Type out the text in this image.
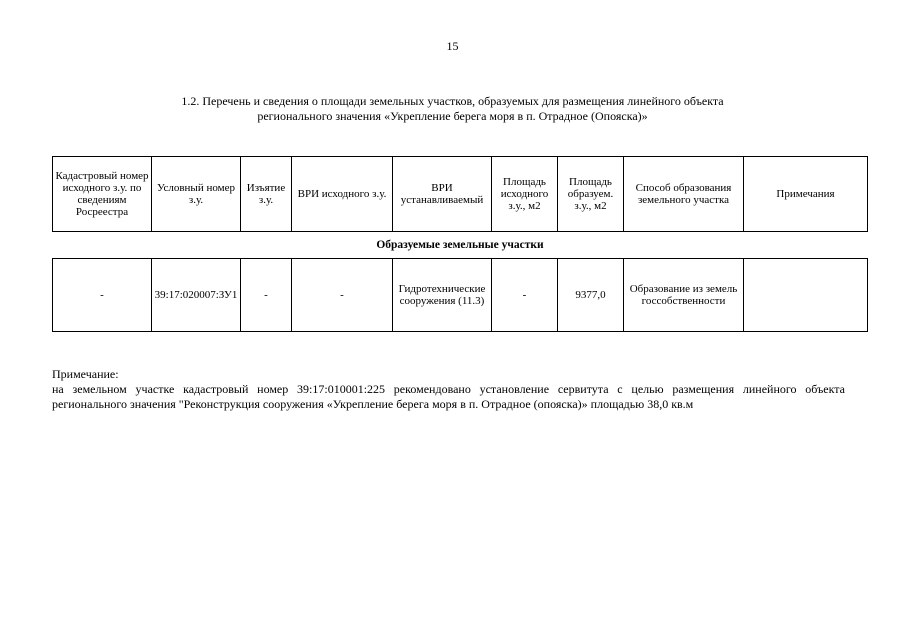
15
1.2. Перечень и сведения о площади земельных участков, образуемых для размещения линейного объекта
регионального значения «Укрепление берега моря в п. Отрадное (Опояска)»
Кадастровый номер исходного з.у. по сведениям Росреестра	Условный номер з.у.	Изъятие з.у.	ВРИ исходного з.у.	ВРИ устанавливаемый	Площадь исходного з.у., м2	Площадь образуем. з.у., м2	Способ образования земельного участка	Примечания
Образуемые земельные участки								
-	39:17:020007:ЗУ1	-	-	Гидротехнические сооружения (11.3)	-	9377,0	Образование из земель госсобственности	
Примечание:
на земельном участке кадастровый номер 39:17:010001:225 рекомендовано установление сервитута с целью размещения линейного объекта регионального значения "Реконструкция сооружения «Укрепление берега моря в п. Отрадное (опояска)» площадью 38,0 кв.м
